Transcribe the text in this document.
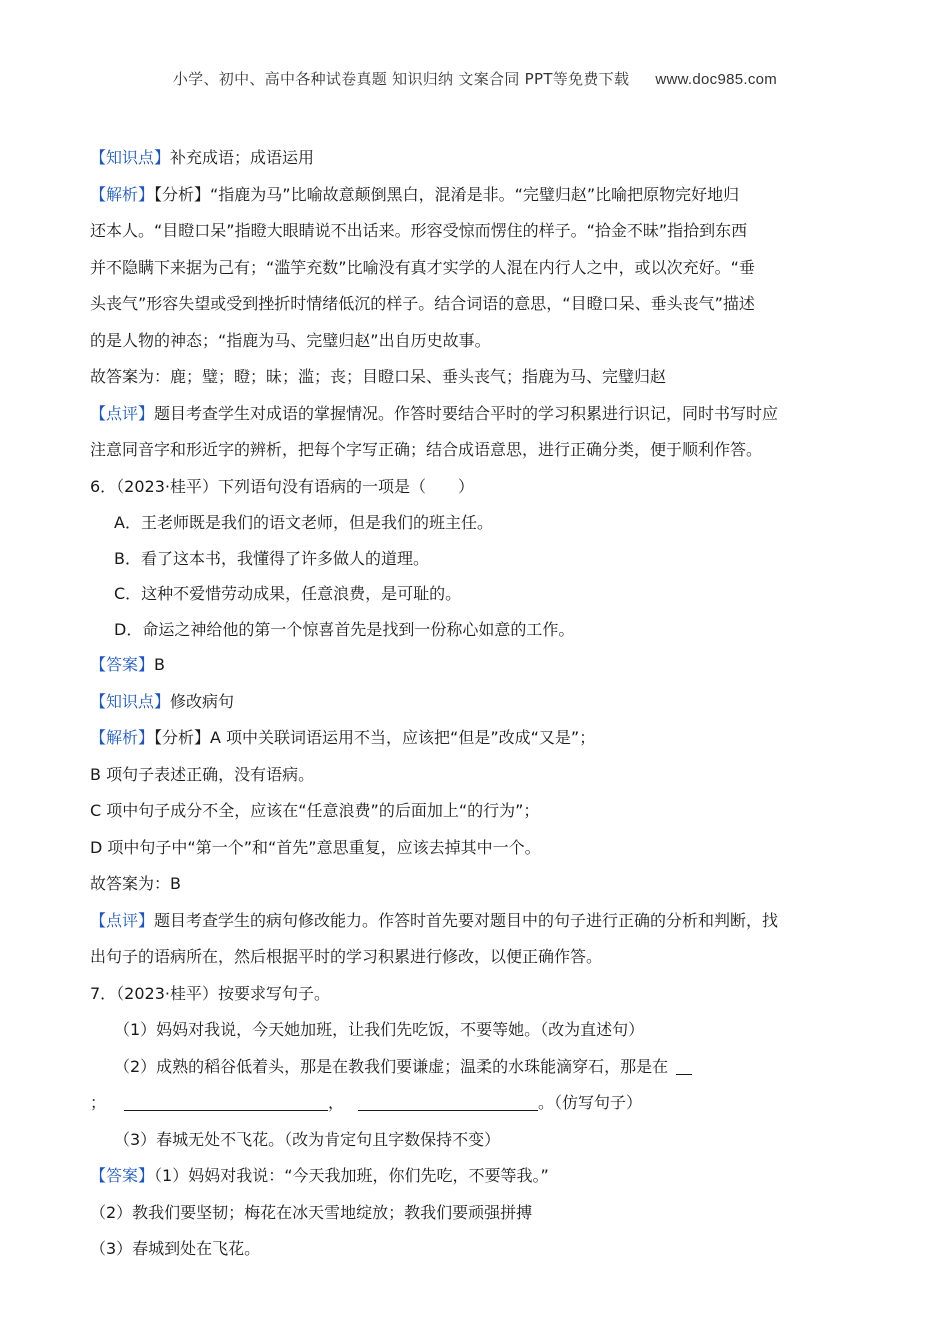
小学、初中、高中各种试卷真题 知识归纳 文案合同 PPT等免费下载 www.doc985.com

【知识点】补充成语；成语运用

【解析】【分析】“指鹿为马”比喻故意颠倒黑白，混淆是非。“完璧归赵”比喻把原物完好地归

还本人。“目瞪口呆”指瞪大眼睛说不出话来。形容受惊而愣住的样子。“拾金不昧”指拾到东西

并不隐瞒下来据为己有；“滥竽充数”比喻没有真才实学的人混在内行人之中，或以次充好。“垂

头丧气”形容失望或受到挫折时情绪低沉的样子。结合词语的意思，“目瞪口呆、垂头丧气”描述

的是人物的神态；“指鹿为马、完璧归赵”出自历史故事。

故答案为：鹿；璧；瞪；昧；滥；丧；目瞪口呆、垂头丧气；指鹿为马、完璧归赵

【点评】题目考查学生对成语的掌握情况。作答时要结合平时的学习积累进行识记，同时书写时应

注意同音字和形近字的辨析，把每个字写正确；结合成语意思，进行正确分类，便于顺利作答。

6．（2023·桂平）下列语句没有语病的一项是（　　）

A．王老师既是我们的语文老师，但是我们的班主任。

B．看了这本书，我懂得了许多做人的道理。

C．这种不爱惜劳动成果，任意浪费，是可耻的。

D．命运之神给他的第一个惊喜首先是找到一份称心如意的工作。

【答案】B

【知识点】修改病句

【解析】【分析】A 项中关联词语运用不当，应该把“但是”改成“又是”；

B 项句子表述正确，没有语病。

C 项中句子成分不全，应该在“任意浪费”的后面加上“的行为”；

D 项中句子中“第一个”和“首先”意思重复，应该去掉其中一个。

故答案为：B

【点评】题目考查学生的病句修改能力。作答时首先要对题目中的句子进行正确的分析和判断，找

出句子的语病所在，然后根据平时的学习积累进行修改，以便正确作答。

7．（2023·桂平）按要求写句子。

（1）妈妈对我说，今天她加班，让我们先吃饭，不要等她。（改为直述句）

（2）成熟的稻谷低着头，那是在教我们要谦虚；温柔的水珠能滴穿石，那是在

；	，	。（仿写句子）

（3）春城无处不飞花。（改为肯定句且字数保持不变）

【答案】（1）妈妈对我说：“今天我加班，你们先吃，不要等我。”

（2）教我们要坚韧；梅花在冰天雪地绽放；教我们要顽强拼搏

（3）春城到处在飞花。
